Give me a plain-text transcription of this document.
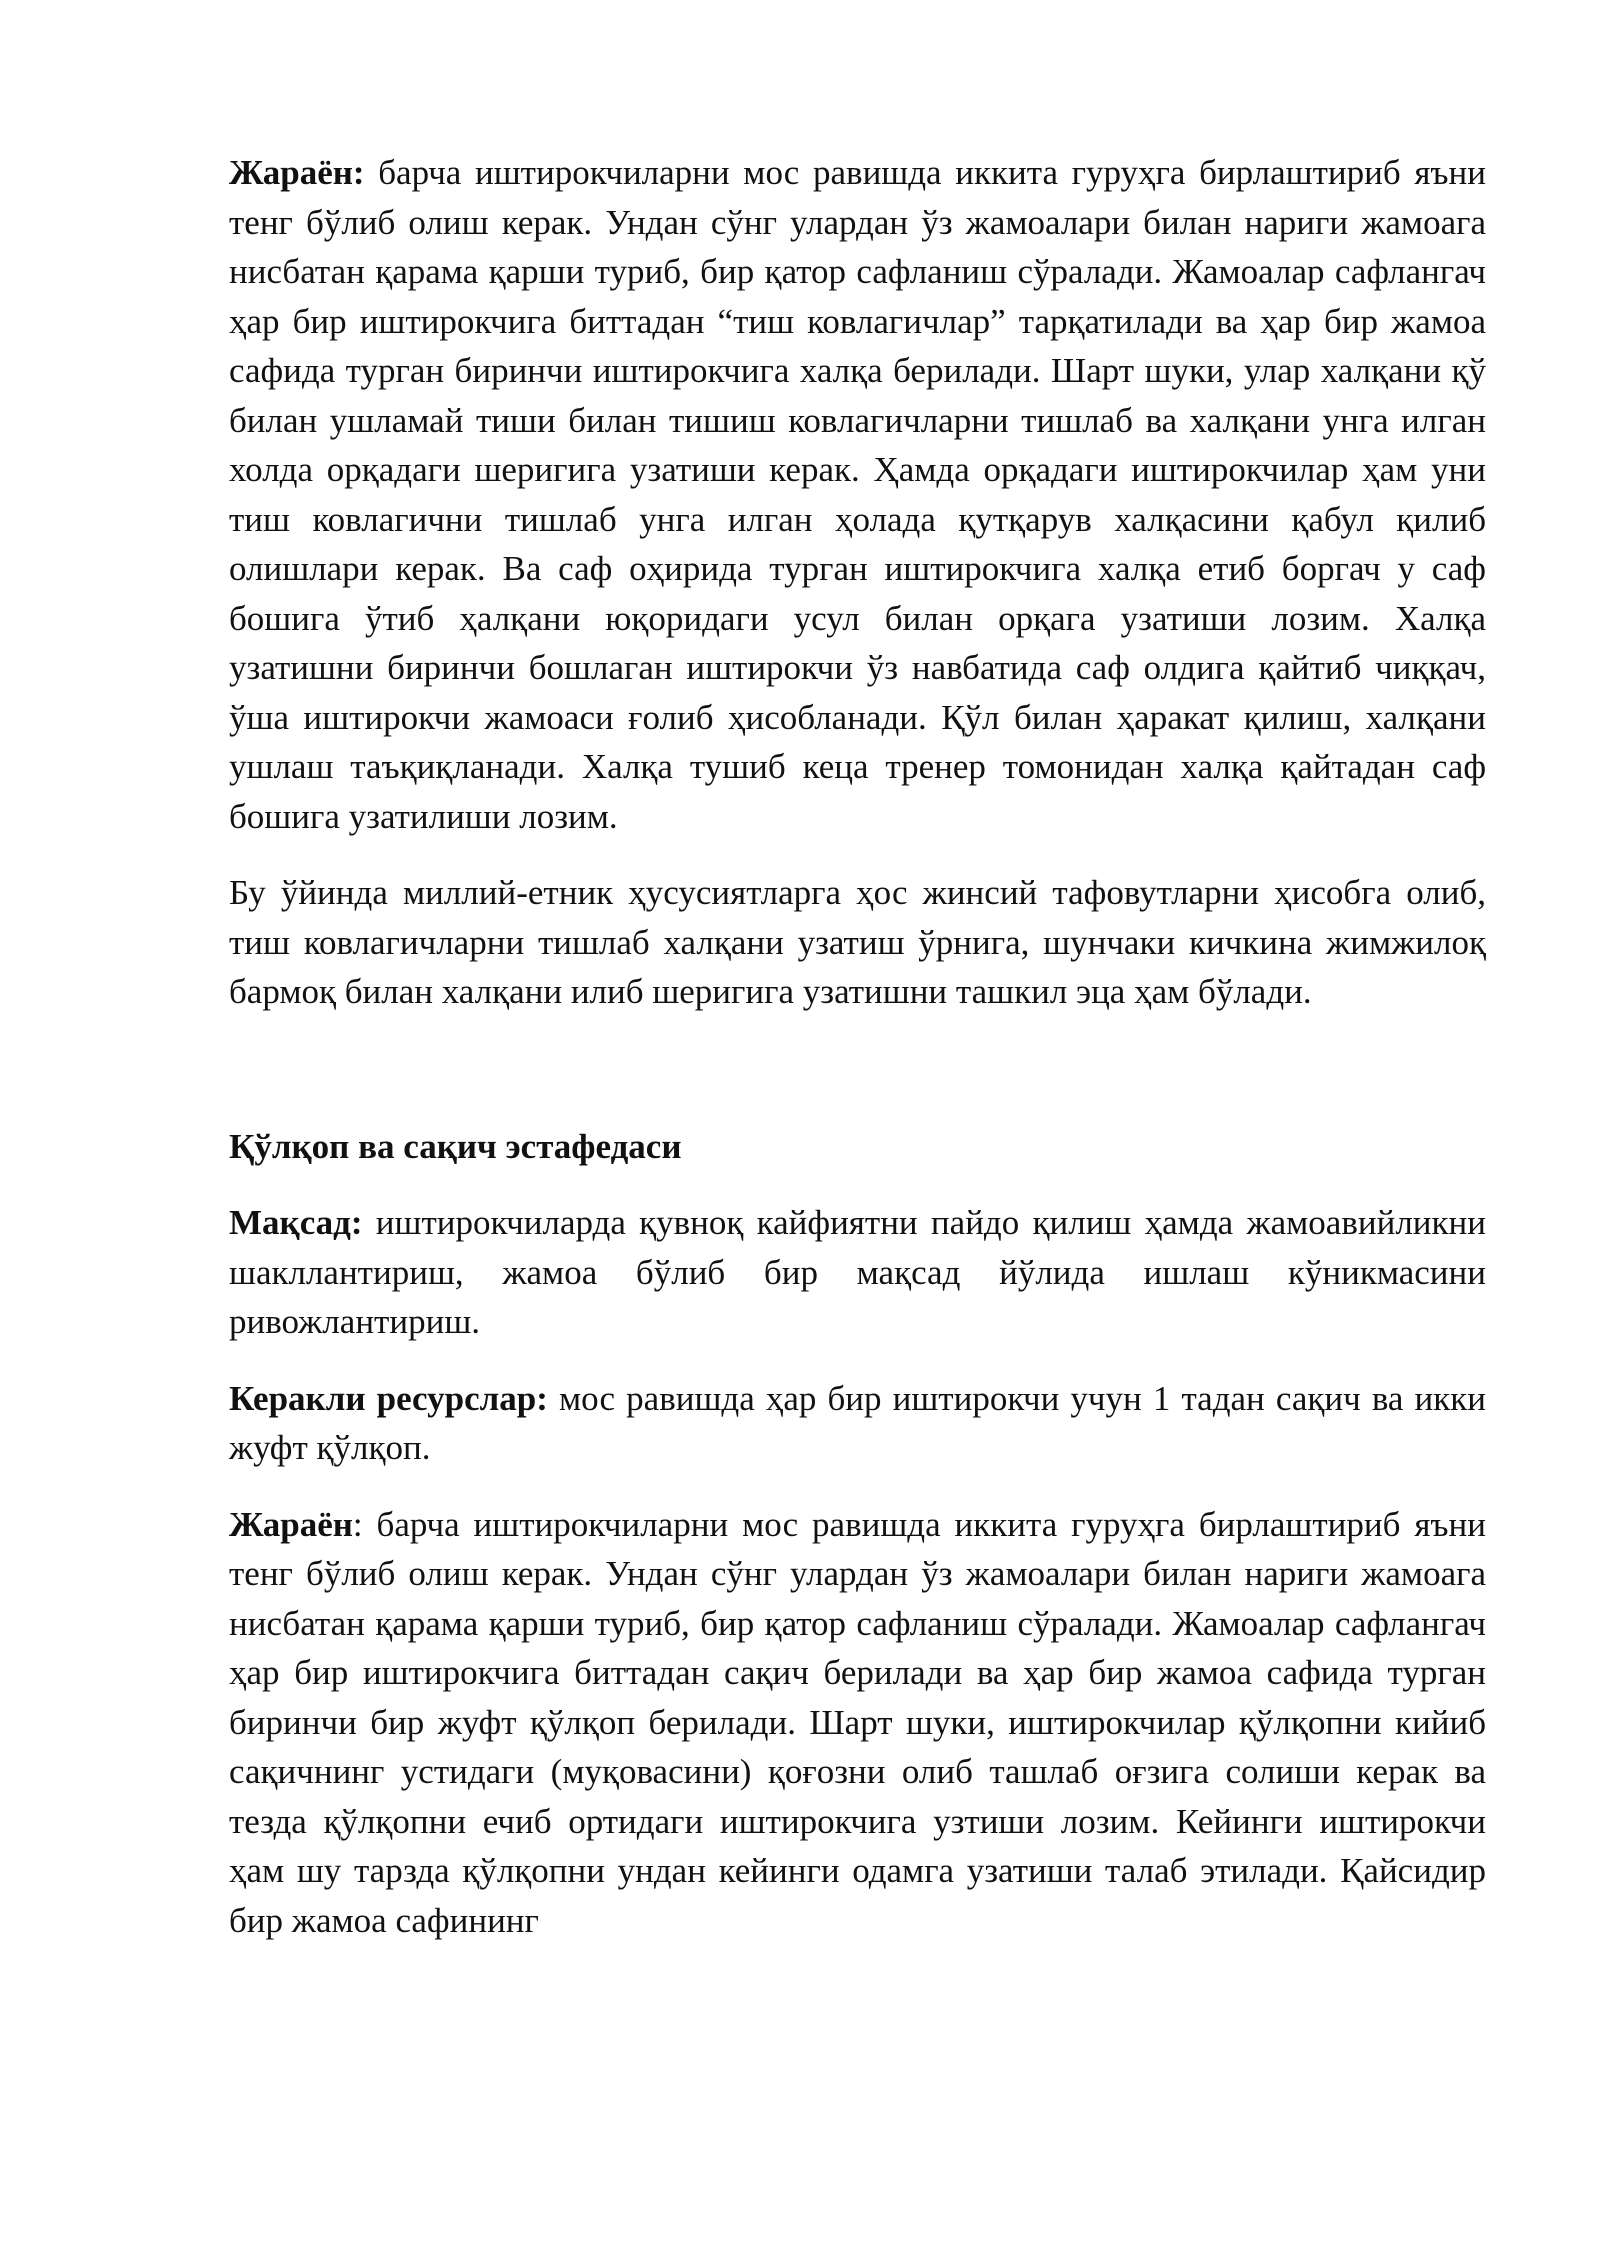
Жараён: барча иштирокчиларни мос равишда иккита гуруҳга бирлаштириб яъни тенг бўлиб олиш керак. Ундан сўнг улардан ўз жамоалари билан нариги жамоага нисбатан қарама қарши туриб, бир қатор сафланиш сўралади. Жамоалар сафлангач ҳар бир иштирокчига биттадан “тиш ковлагичлар” тарқатилади ва ҳар бир жамоа сафида турган биринчи иштирокчига халқа берилади. Шарт шуки, улар халқани қў билан ушламай тиши билан тишиш ковлагичларни тишлаб ва халқани унга илган холда орқадаги шеригига узатиши керак. Ҳамда орқадаги иштирокчилар ҳам уни тиш ковлагични тишлаб унга илган ҳолада қутқарув халқасини қабул қилиб олишлари керак. Ва саф оҳирида турган иштирокчига халқа етиб боргач у саф бошига ўтиб ҳалқани юқоридаги усул билан орқага узатиши лозим. Халқа узатишни биринчи бошлаган иштирокчи ўз навбатида саф олдига қайтиб чиққач, ўша иштирокчи жамоаси ғолиб ҳисобланади. Қўл билан ҳаракат қилиш, халқани ушлаш таъқиқланади. Халқа тушиб кеца тренер томонидан халқа қайтадан саф бошига узатилиши лозим.

Бу ўйинда миллий-етник ҳусусиятларга ҳос жинсий тафовутларни ҳисобга олиб, тиш ковлагичларни тишлаб халқани узатиш ўрнига, шунчаки кичкина жимжилоқ бармоқ билан халқани илиб шеригига узатишни ташкил эца ҳам бўлади.

Қўлқоп ва сақич эстафедаси

Мақсад: иштирокчиларда қувноқ кайфиятни пайдо қилиш ҳамда жамоавийликни шакллантириш, жамоа бўлиб бир мақсад йўлида ишлаш кўникмасини ривожлантириш.

Керакли ресурслар: мос равишда ҳар бир иштирокчи учун 1 тадан сақич ва икки жуфт қўлқоп.

Жараён: барча иштирокчиларни мос равишда иккита гуруҳга бирлаштириб яъни тенг бўлиб олиш керак. Ундан сўнг улардан ўз жамоалари билан нариги жамоага нисбатан қарама қарши туриб, бир қатор сафланиш сўралади. Жамоалар сафлангач ҳар бир иштирокчига биттадан сақич берилади ва ҳар бир жамоа сафида турган биринчи бир жуфт қўлқоп берилади. Шарт шуки, иштирокчилар қўлқопни кийиб сақичнинг устидаги (муқовасини) қоғозни олиб ташлаб оғзига солиши керак ва тезда қўлқопни ечиб ортидаги иштирокчига узтиши лозим. Кейинги иштирокчи ҳам шу тарзда қўлқопни ундан кейинги одамга узатиши талаб этилади. Қайсидир бир жамоа сафининг
